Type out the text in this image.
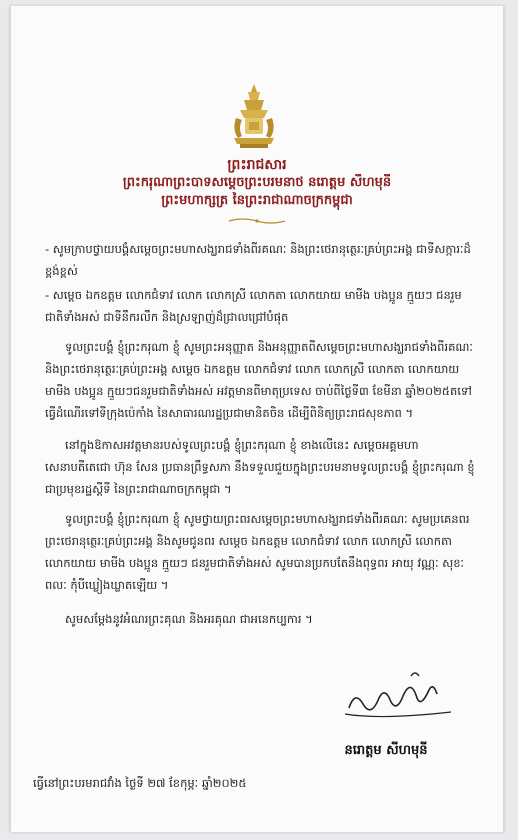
ព្រះរាជសារ
ព្រះករុណាព្រះបាទសម្តេចព្រះបរមនាថ នរោត្តម សីហមុនី
ព្រះមហាក្សត្រ នៃព្រះរាជាណាចក្រកម្ពុជា

- សូមក្រាបថ្វាយបង្គំសម្តេចព្រះមហាសង្ឃរាជទាំងពីរគណៈ និងព្រះថេរានុត្ថេរៈគ្រប់ព្រះអង្គ ជាទីសក្ការៈដ៏ខ្ពង់ខ្ពស់

- សម្តេច ឯកឧត្តម លោកជំទាវ លោក លោកស្រី លោកតា លោកយាយ មាមីង បងប្អូន ក្មួយៗ ជនរួមជាតិទាំងអស់ ជាទីនឹករលឹក និងស្រឡាញ់ដ៏ជ្រាលជ្រៅបំផុត

ទូលព្រះបង្គំ ខ្ញុំព្រះករុណា ខ្ញុំ សូមព្រះអនុញ្ញាត និងអនុញ្ញាតពីសម្តេចព្រះមហាសង្ឃរាជទាំងពីរគណៈ និងព្រះថេរានុត្ថេរៈគ្រប់ព្រះអង្គ សម្តេច ឯកឧត្តម លោកជំទាវ លោក លោកស្រី លោកតា លោកយាយ មាមីង បងប្អូន ក្មួយៗជនរួមជាតិទាំងអស់ អវត្តមានពីមាតុប្រទេស ចាប់ពីថ្ងៃទី៣ ខែមីនា ឆ្នាំ២០២៥តទៅ ធ្វើដំណើរទៅទីក្រុងប៉េកាំង នៃសាធារណរដ្ឋប្រជាមានិតចិន ដើម្បីពិនិត្យព្រះរាជសុខភាព ។

នៅក្នុងឱកាសអវត្តមានរបស់ទូលព្រះបង្គំ ខ្ញុំព្រះករុណា ខ្ញុំ ខាងលើនេះ សម្តេចអគ្គមហាសេនាបតីតេជោ ហ៊ុន សែន ប្រធានព្រឹទ្ធសភា នឹងទទួលជួយក្នុងព្រះបរមនាមទូលព្រះបង្គំ ខ្ញុំព្រះករុណា ខ្ញុំ ជាប្រមុខរដ្ឋស្តីទី នៃព្រះរាជាណាចក្រកម្ពុជា ។

ទូលព្រះបង្គំ ខ្ញុំព្រះករុណា ខ្ញុំ សូមថ្វាយព្រះពរសម្តេចព្រះមហាសង្ឃរាជទាំងពីរគណៈ សូមប្រគេនពរព្រះថេរានុត្ថេរៈគ្រប់ព្រះអង្គ និងសូមជូនពរ សម្តេច ឯកឧត្តម លោកជំទាវ លោក លោកស្រី លោកតា លោកយាយ មាមីង បងប្អូន ក្មួយៗ ជនរួមជាតិទាំងអស់ សូមបានប្រកបតែនឹងពុទ្ធពរ អាយុ វណ្ណៈ សុខៈ ពលៈ កុំបីឃ្លៀងឃ្លាតឡើយ ។

សូមសម្តែងនូវអំណរព្រះគុណ និងអរគុណ ជាអនេកប្បការ ។

នរោត្តម សីហមុនី
ធ្វើនៅព្រះបរមរាជវាំង ថ្ងៃទី ២៧ ខែកុម្ភៈ ឆ្នាំ២០២៥
